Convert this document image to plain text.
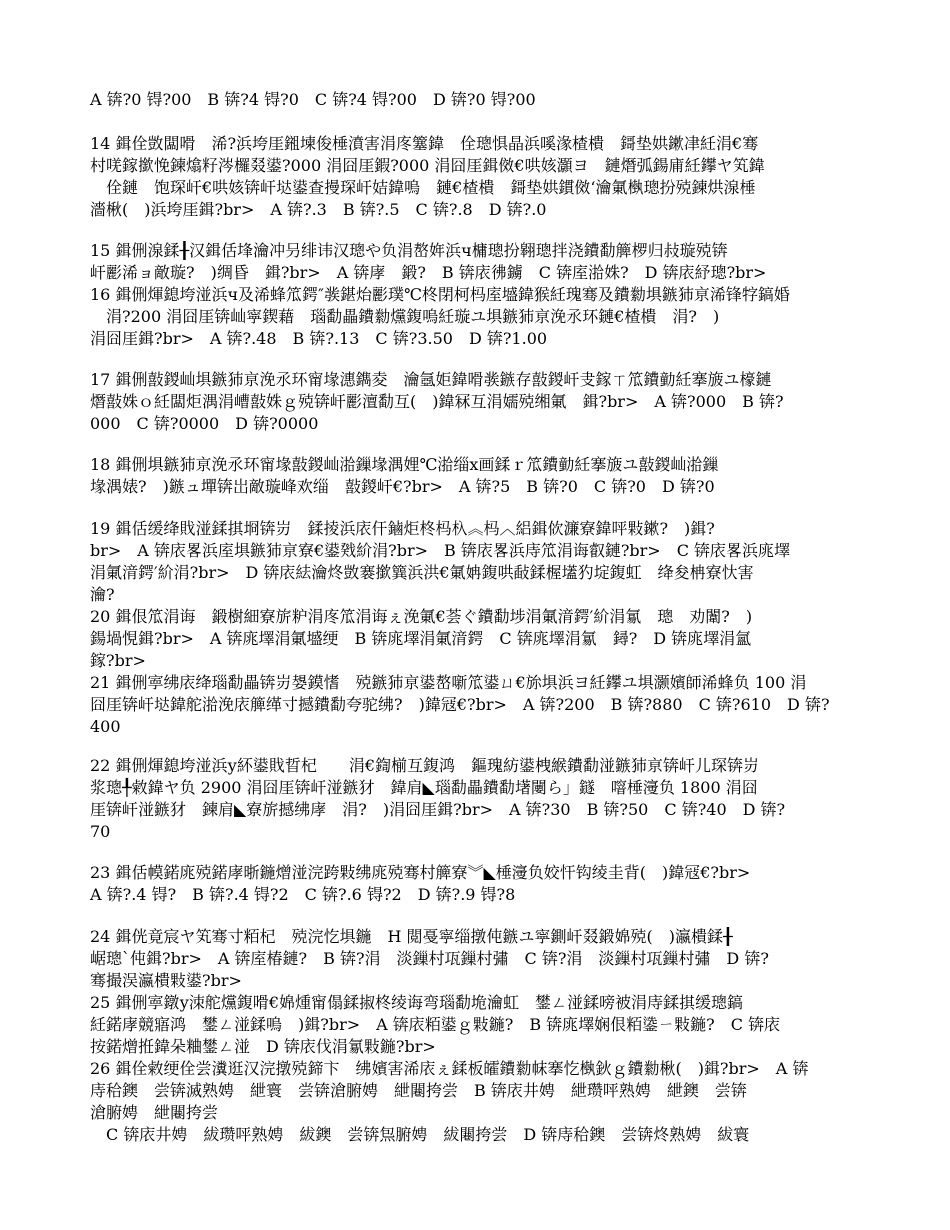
A 锛?0 锝?00　B 锛?4 锝?0　C 锛?4 锝?00　D 锛?0 锝?00
14 鍓佺敳闆嗗　浠?浜垮厓鎺堜俊棰濆害涓庝簺鍏　佺璁惧晶浜嗘湪楂樻　鎶垫娂鏉冿紝涓€骞
村唴鎵撳悗鍊熻籽涔欏叕鍙?000 涓囧厓鍜?000 涓囧厓鍓傚€哄姟灝ヨ　鏈熸弧鍚庯紝鑻ヤ笂鍏
　佺鏈　饱琛屽€哄姟锛屽垯鍙查摱琛屽姞鍏嗚　鏈€楂樻　鎶垫娂鏆傚‘瀹氭槸璁扮殑鍊烘湶棰
濇楸(　)浜垮厓鍓?br>　A 锛?.3　B 锛?.5　C 锛?.8　D 锛?.0
15 鍓侀湶鍒╂汉鍓佸埄瀹冲叧绯讳汉璁や负涓嶅姩浜ч槦璁扮翱璁拌浇鐨勫簲椤归敊璇殑锛
屽彲浠ョ敵璇?　)绸昏　鍓?br>　A 锛庨　鍛?　B 锛庡彿鐪　C 锛庢湁姝?　D 锛庡紓璁?br>
16 鍓侀煇鎴垮湴浜ч及浠蜂笟鍔″彂鍖炲彲璞℃柊閉柯杩庢墭鍏猴紝瑰骞及鐨勬埧鏃犻亰浠锋牸鎬婚
　涓?200 涓囧厓锛屾寜鍥藉　瑙勫畾鐨勬爣鍑嗚紝璇ユ埧鏃犻亰浼氶环鏈€楂樻　涓?　)
涓囧厓鍓?br>　A 锛?.48　B 锛?.13　C 锛?3.50　D 锛?1.00
17 鍓侀敼鍐屾埧鏃犻亰浼氶环甯堟潓鐫夌　瀹氬姖鍏嗗彂鏃存敼鍐屽叏鎵ㄒ笟鐨勭紝搴旇ユ檺鏈
熸敼姝ｏ紝闆炬湡涓嶆敼姝ｇ殑锛屽彲澶勫互(　)鍏冧互涓嬬殑缃氭　鍓?br>　A 锛?000　B 锛?
000　C 锛?0000　D 锛?0000
18 鍓侀埧鏃犻亰浼氶环甯堟敼鍐屾湁鏁堟湡娌℃湁缁х画鍒ｒ笟鐨勭紝搴旇ユ敼鍐屾湁鏁
堟湡婊?　)鏃ュ墠锛岀敵璇峰欢缁　敼鍐屽€?br>　A 锛?5　B 锛?0　C 锛?0　D 锛?0
19 鍓佸缓绛戝湴鍒掑埛锛岃　鍒掕浜庡仠鏀炬柊杩杁︽杩︿絽鍓佽濂寮鍏呯敤鏉?　)鍓?
br>　A 锛庡畧浜庢埧鏃犻亰寮€鍙戣紒涓?br>　B 锛庡畧浜庤笟涓诲叡鏈?br>　C 锛庡畧浜庣墿
涓氭湇鍔′紒涓?br>　D 锛庡紶瀹炵敳褰撳簨浜洪€氭姌鍑哄敮鍒楃壒犳埞鍑虹　绛夋柟寮忕害
瀹?
20 鍓佷笟涓诲　鍛樹細寮旂粐涓庝笟涓诲ぇ浼氭€荟ぐ鐨勫埗涓氭湇鍔′紒涓氱　璁　劝闈?　)
鍚堝悓鍓?br>　A 锛庣墿涓氭墭绠　B 锛庣墿涓氭湇鍔　C 锛庣墿涓氱　鐞?　D 锛庣墿涓氳
鎵?br>
21 鍓侀寕绋庡绛瑙勫畾锛岃嫢鏌愭　殑鏃犻亰鍙嶅噺笟鍙ㄩ€旀埧浜ヨ紝鑻ユ埧灏嬪師浠蜂负 100 涓
囧厓锛屽垯鍏舵湁浼庡簲缂寸撼鐨勫夸驼绋?　)鍏冦€?br>　A 锛?200　B 锛?880　C 锛?610　D 锛?
400
22 鍓侀煇鎴垮湴浜у紑鍙戝晢杞　　涓€鍧椾互鍑鸿　鏂瑰紡鍙栧緱鐨勫湴鏃犻亰锛屽儿琛锛岃
浆璁╀敹鍏ヤ负 2900 涓囧厓锛屽湴鏃犲　鍏肩◣瑙勫畾鐨勫墸闄ら」鐩　噾棰濅负 1800 涓囧
厓锛屽湴鏃犲　鍊肩◣寮旂撼绋庨　涓?　)涓囧厓鍓?br>　A 锛?30　B 锛?50　C 锛?40　D 锛?
70
23 鍓佸幙鍩庣殑鍩庨晣鍦熷湴浣跨敤绋庣殑骞村簲寮︾◣棰濅负姣忓钩绫圭背(　)鍏冦€?br>
A 锛?.4 锝?　B 锛?.4 锝?2　C 锛?.6 锝?2　D 锛?.9 锝?8
24 鍓侊竟宸ヤ笂骞寸粨杞　殑浣忔埧鍦　H 閲戞寜缁撴伅鏃ユ寜鍘屽叕鍛婂殑(　)瀛樻鍒╂
崌璁ˋ伅鍓?br>　A 锛庢椿鏈?　B 锛?涓　淡鏁村瓨鏁村彇　C 锛?涓　淡鏁村瓨鏁村彇　D 锛?
骞撮洖瀛樻敤鍙?br>
25 鍓侀寕鐓у洓舵爣鍑嗗€婂煄甯傝鍒掓柊绫诲弯瑙勫垝瀹虹　鐢ㄥ湴鍒嗙被涓庤鍒掑缓璁鎬
紝鍩庨競寤鸿　鐢ㄥ湴鍒嗚　)鍓?br>　A 锛庡粨鍙ｇ敤鍦?　B 锛庣墿娴佷粨鍌ㄧ敤鍦?　C 锛庡
按鍩熷拰鍏朵粬鐢ㄥ湴　D 锛庡伐涓氱敤鍦?br>
26 鍓佺敹绠佺尝瀵逛汉浣撴殑鍗卞　绋嬪害浠庡ぇ鍒板皬鐨勬帓搴忔槸鈥ｇ鐨勬楸(　)鍓?br>　A 锛
庤秴鐭　尝锛滅熟娉　紲寰　尝锛滄腑娉　紲闀挎尝　B 锛庡井娉　紲瓒呯熟娉　紲鐭　尝锛
滄腑娉　紲闀挎尝
　C 锛庡井娉　紱瓒呯熟娉　紱鐭　尝锛炰腑娉　紱闀挎尝　D 锛庤秴鐭　尝锛炵熟娉　紱寰
